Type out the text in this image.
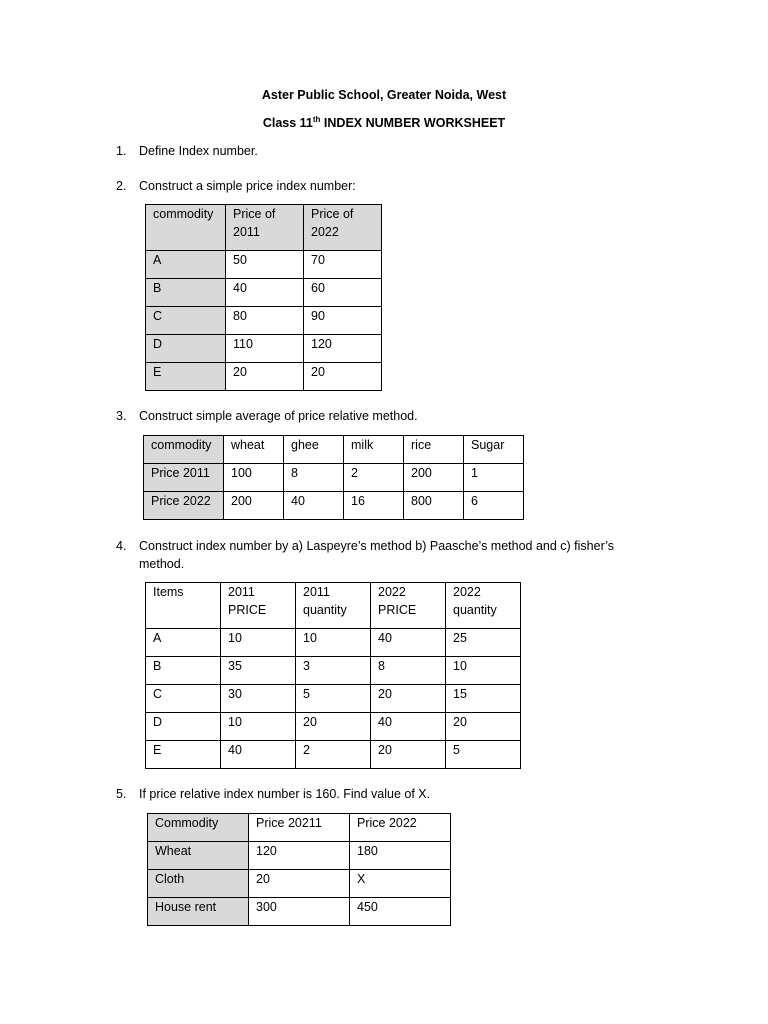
Aster Public School, Greater Noida, West
Class 11th INDEX NUMBER WORKSHEET
1. Define Index number.
2. Construct a simple price index number:
commodity	Price of 2011	Price of 2022
A	50	70
B	40	60
C	80	90
D	110	120
E	20	20
3. Construct simple average of price relative method.
commodity	wheat	ghee	milk	rice	Sugar
Price 2011	100	8	2	200	1
Price 2022	200	40	16	800	6
4. Construct index number by a) Laspeyre’s method b) Paasche’s method and c) fisher’s method.
Items	2011 PRICE	2011 quantity	2022 PRICE	2022 quantity
A	10	10	40	25
B	35	3	8	10
C	30	5	20	15
D	10	20	40	20
E	40	2	20	5
5. If price relative index number is 160. Find value of X.
Commodity	Price 20211	Price 2022
Wheat	120	180
Cloth	20	X
House rent	300	450
